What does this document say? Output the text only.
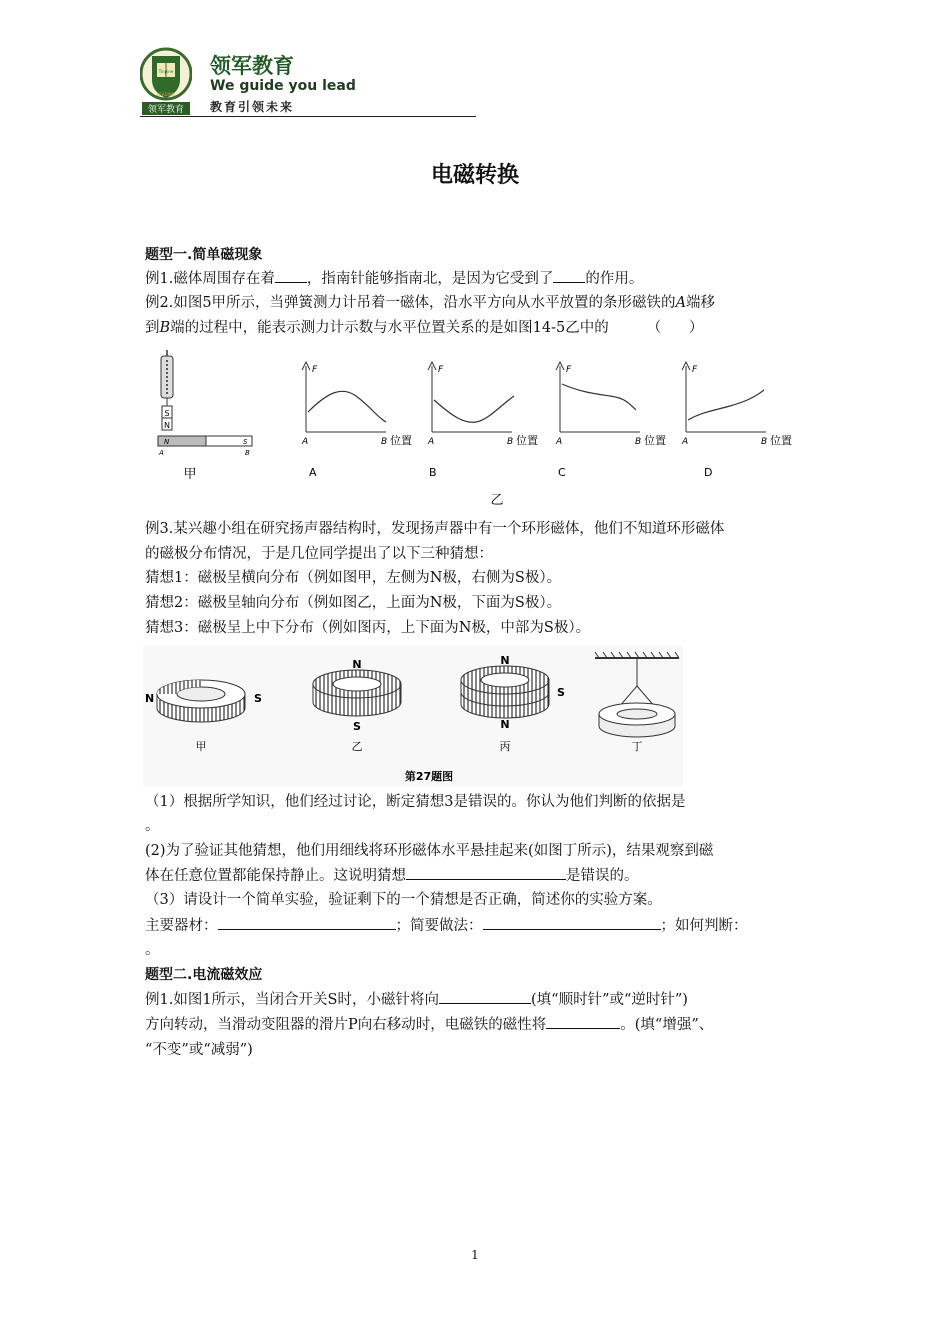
Tinpine
LEADING
领军教育
领军教育
We guide you lead
教育引领未来
电磁转换
题型一.简单磁现象
例1.磁体周围存在着 ，指南针能够指南北，是因为它受到了 的作用。
例2.如图5甲所示，当弹簧测力计吊着一磁体，沿水平方向从水平放置的条形磁铁的A端移
到B端的过程中，能表示测力计示数与水平位置关系的是如图14-5乙中的	（      ）
S
N
N	S
A	B
甲
F
A	B 位置
A
F
A	B 位置
B
F
A	B 位置
C
F
A	B 位置
D
乙
例3.某兴趣小组在研究扬声器结构时，发现扬声器中有一个环形磁体，他们不知道环形磁体
的磁极分布情况，于是几位同学提出了以下三种猜想：
猜想1：磁极呈横向分布（例如图甲，左侧为N极，右侧为S极）。
猜想2：磁极呈轴向分布（例如图乙，上面为N极，下面为S极）。
猜想3：磁极呈上中下分布（例如图丙，上下面为N极，中部为S极）。
N	S
甲
N
S
乙
N
S
N
丙	丁
第27题图
（1）根据所学知识，他们经过讨论，断定猜想3是错误的。你认为他们判断的依据是
。
(2)为了验证其他猜想，他们用细线将环形磁体水平悬挂起来(如图丁所示)，结果观察到磁
体在任意位置都能保持静止。这说明猜想	是错误的。
（3）请设计一个简单实验，验证剩下的一个猜想是否正确，简述你的实验方案。
主要器材：	；简要做法：	；如何判断：
。
题型二.电流磁效应
例1.如图1所示，当闭合开关S时，小磁针将向	(填“顺时针”或“逆时针”)
方向转动，当滑动变阻器的滑片P向右移动时，电磁铁的磁性将	。(填“增强”、
“不变”或“减弱”)
1
